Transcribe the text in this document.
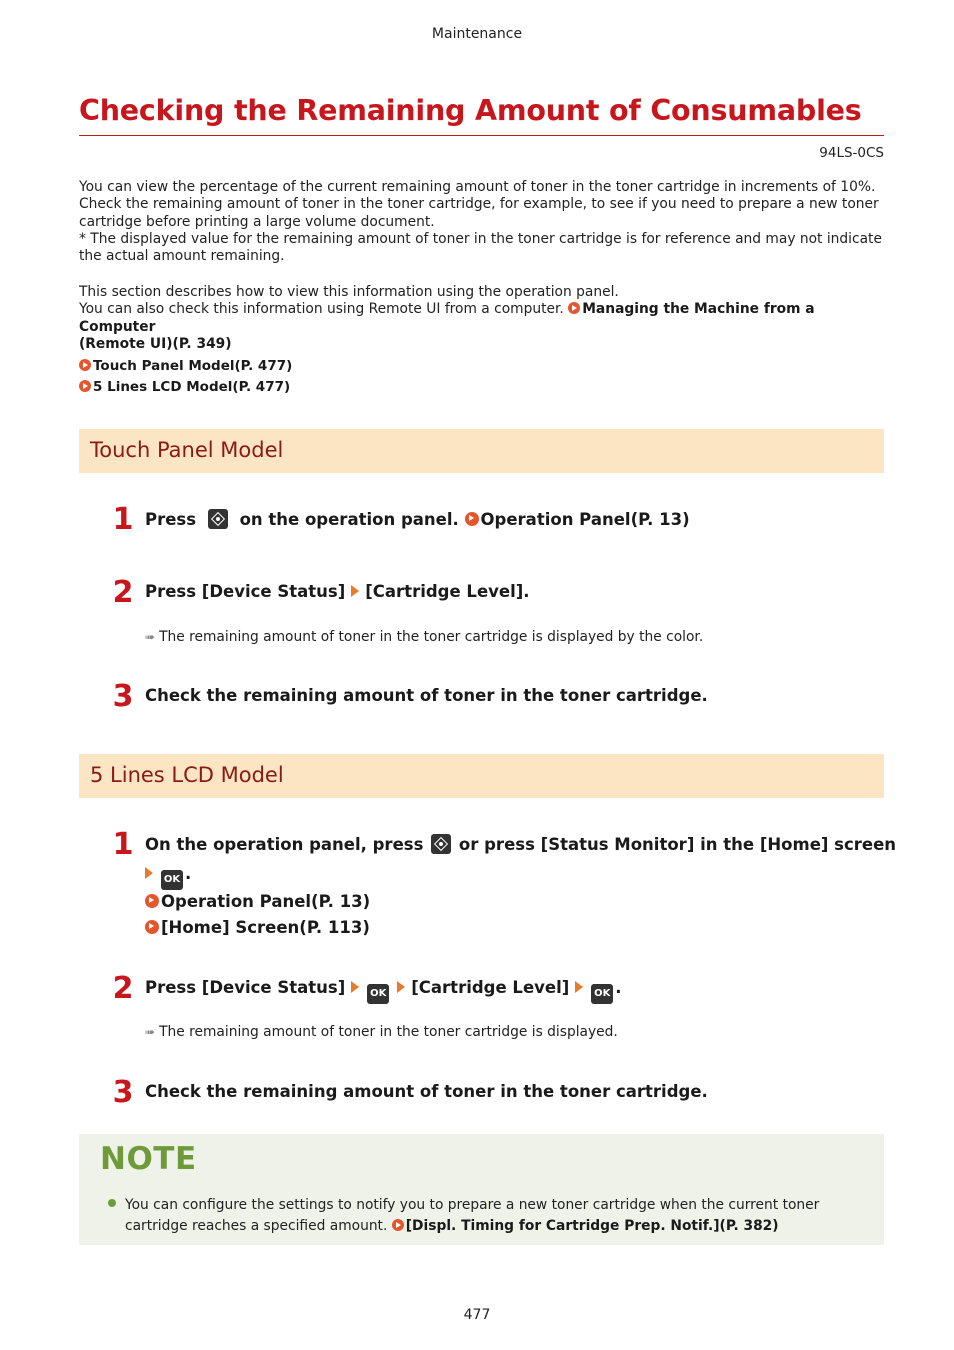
Maintenance
Checking the Remaining Amount of Consumables
94LS-0CS
You can view the percentage of the current remaining amount of toner in the toner cartridge in increments of 10%.
Check the remaining amount of toner in the toner cartridge, for example, to see if you need to prepare a new toner
cartridge before printing a large volume document.
* The displayed value for the remaining amount of toner in the toner cartridge is for reference and may not indicate
the actual amount remaining.
This section describes how to view this information using the operation panel.
You can also check this information using Remote UI from a computer. Managing the Machine from a Computer
(Remote UI)(P. 349)
Touch Panel Model(P. 477)
5 Lines LCD Model(P. 477)
Touch Panel Model
1 Press	on the operation panel. Operation Panel(P. 13)
2 Press [Device Status] [Cartridge Level].
➠ The remaining amount of toner in the toner cartridge is displayed by the color.
3 Check the remaining amount of toner in the toner cartridge.
5 Lines LCD Model
1 On the operation panel, press or press [Status Monitor] in the [Home] screen
OK .
Operation Panel(P. 13)
[Home] Screen(P. 113)
2 Press [Device Status] OK [Cartridge Level] OK .
➠ The remaining amount of toner in the toner cartridge is displayed.
3 Check the remaining amount of toner in the toner cartridge.
NOTE
You can configure the settings to notify you to prepare a new toner cartridge when the current toner
cartridge reaches a specified amount. [Displ. Timing for Cartridge Prep. Notif.](P. 382)
477
